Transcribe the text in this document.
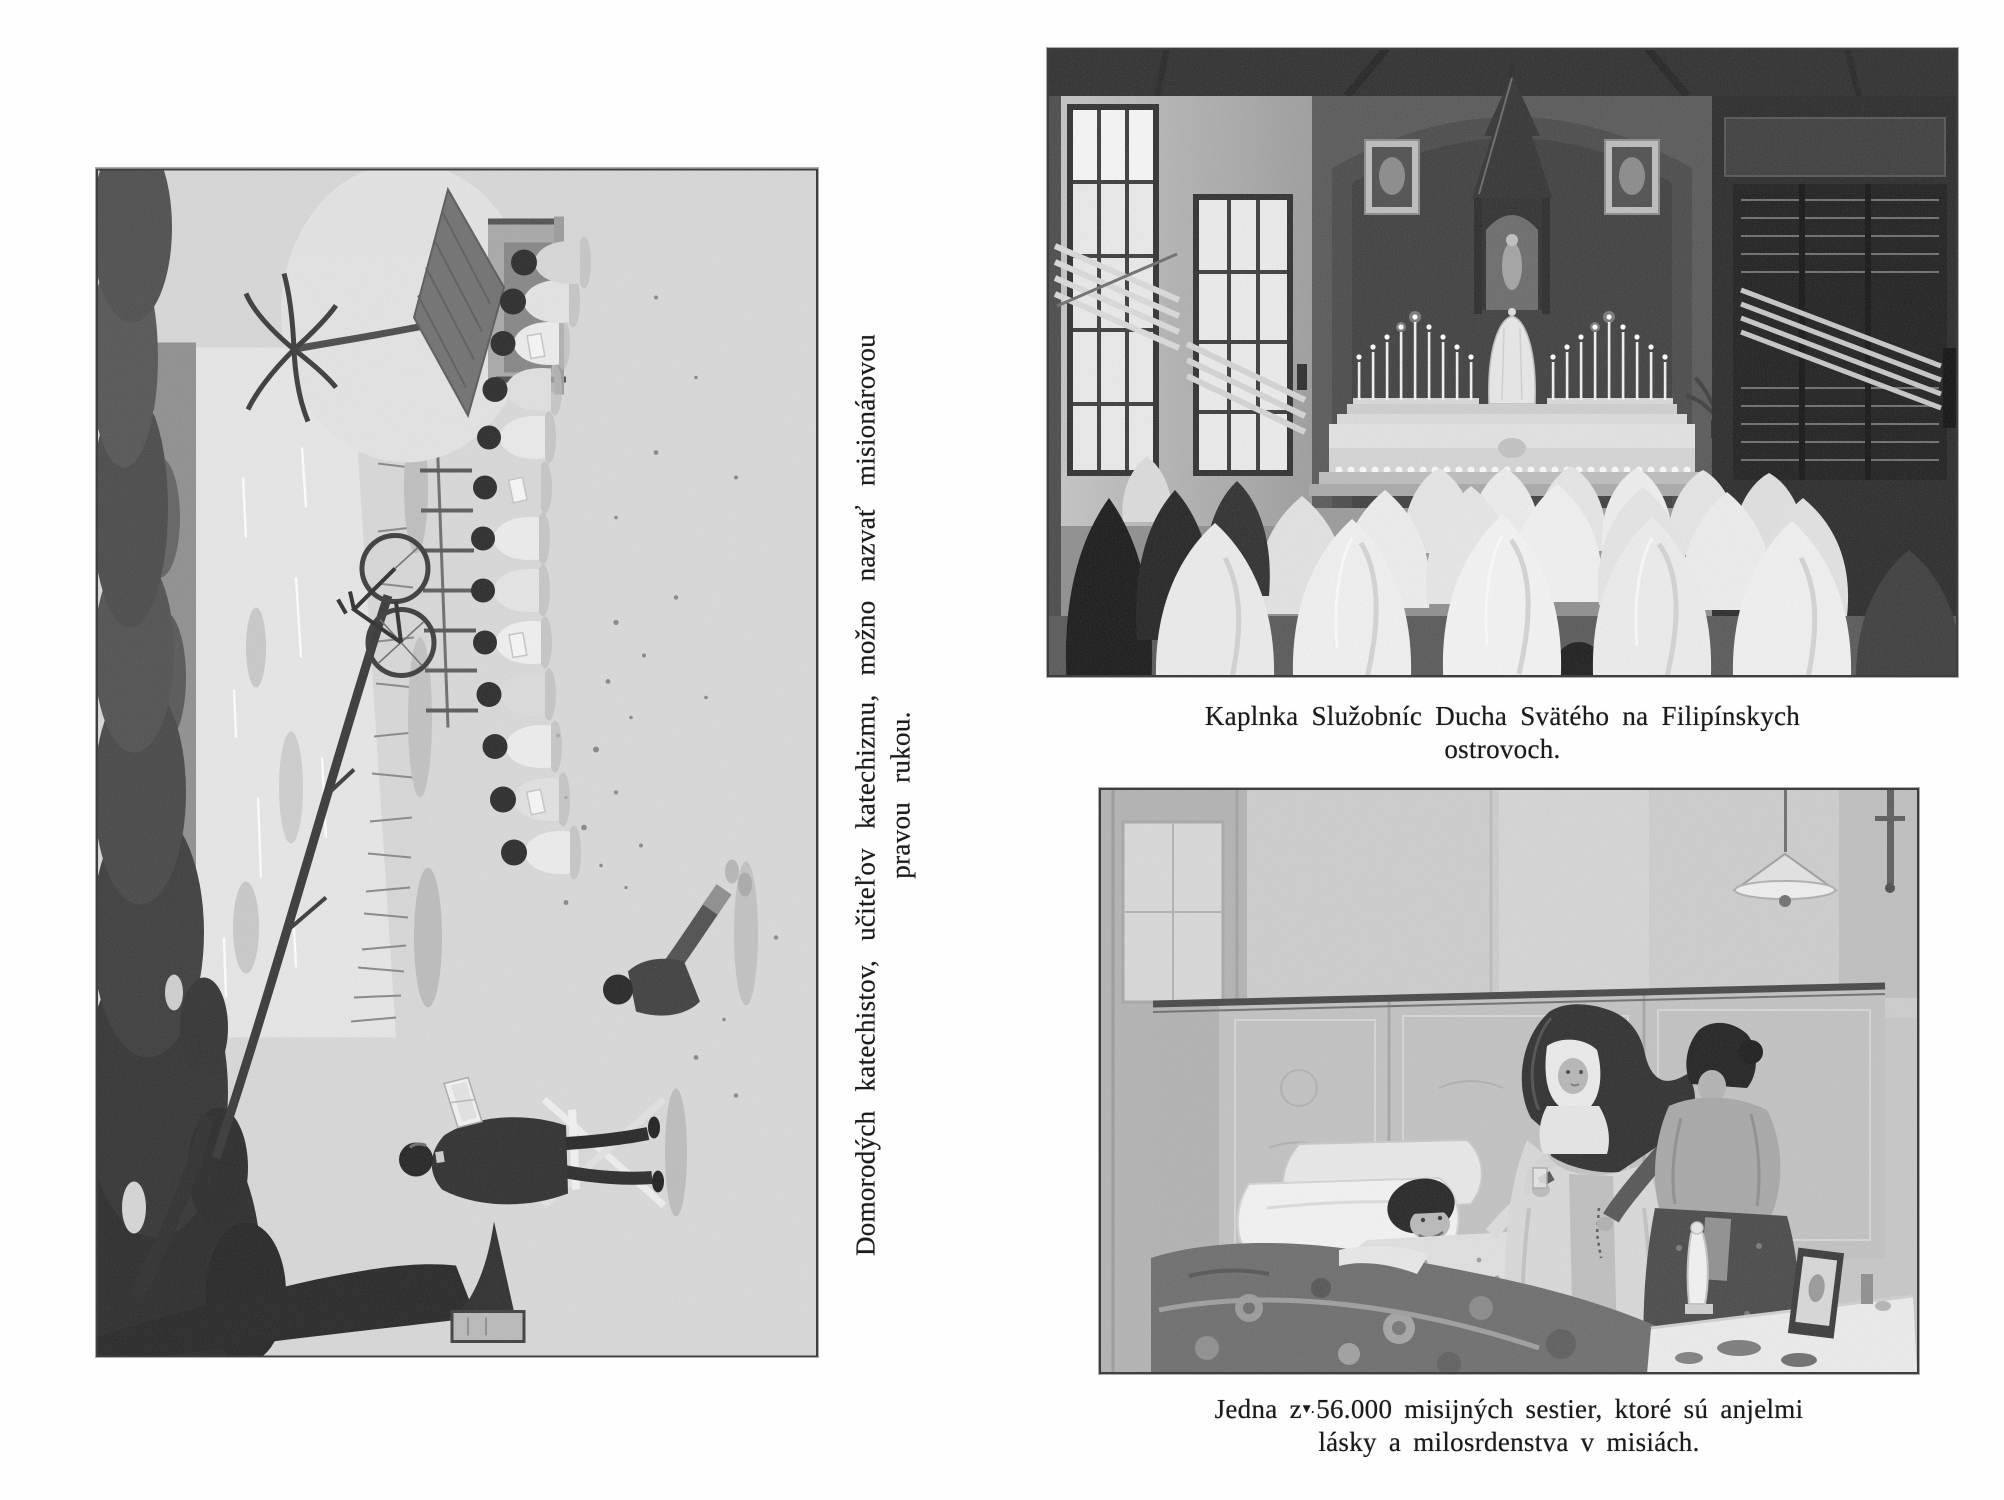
Domorodých katechistov, učiteľov katechizmu, možno nazvať misionárovou pravou rukou.	Kaplnka Služobníc Ducha Svätého na Filipínskych
ostrovoch.
Jedna z▾.56.000 misijných sestier, ktoré sú anjelmi
lásky a milosrdenstva v misiách.
